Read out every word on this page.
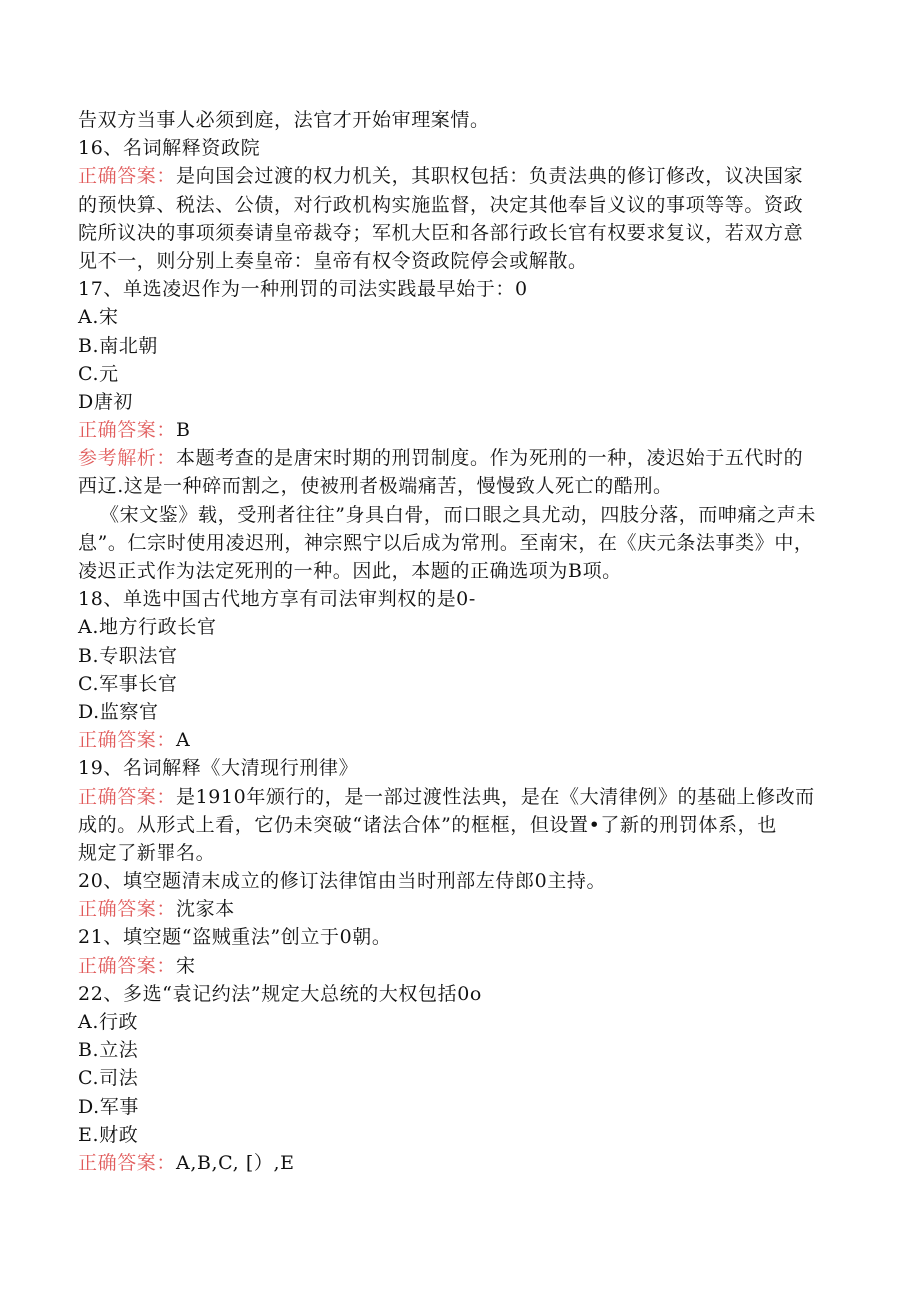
告双方当事人必须到庭，法官才开始审理案情。
16、名词解释资政院
正确答案：是向国会过渡的权力机关，其职权包括：负责法典的修订修改，议决国家
的预快算、税法、公债，对行政机构实施监督，决定其他奉旨义议的事项等等。资政
院所议决的事项须奏请皇帝裁夺；军机大臣和各部行政长官有权要求复议，若双方意
见不一，则分别上奏皇帝：皇帝有权令资政院停会或解散。
17、单选凌迟作为一种刑罚的司法实践最早始于：0
A.宋
B.南北朝
C.元
D唐初
正确答案：B
参考解析：本题考查的是唐宋时期的刑罚制度。作为死刑的一种，凌迟始于五代时的
西辽.这是一种碎而割之，使被刑者极端痛苦，慢慢致人死亡的酷刑。
《宋文鉴》载，受刑者往往”身具白骨，而口眼之具尤动，四肢分落，而呻痛之声未
息”。仁宗时使用凌迟刑，神宗熙宁以后成为常刑。至南宋，在《庆元条法事类》中，
凌迟正式作为法定死刑的一种。因此，本题的正确选项为B项。
18、单选中国古代地方享有司法审判权的是0-
A.地方行政长官
B.专职法官
C.军事长官
D.监察官
正确答案：A
19、名词解释《大清现行刑律》
正确答案：是1910年颁行的，是一部过渡性法典，是在《大清律例》的基础上修改而
成的。从形式上看，它仍未突破“诸法合体”的框框，但设置•了新的刑罚体系，也
规定了新罪名。
20、填空题清末成立的修订法律馆由当时刑部左侍郎0主持。
正确答案：沈家本
21、填空题“盗贼重法”创立于0朝。
正确答案：宋
22、多选“袁记约法”规定大总统的大权包括0o
A.行政
B.立法
C.司法
D.军事
E.财政
正确答案：A,B,C, [）,E
